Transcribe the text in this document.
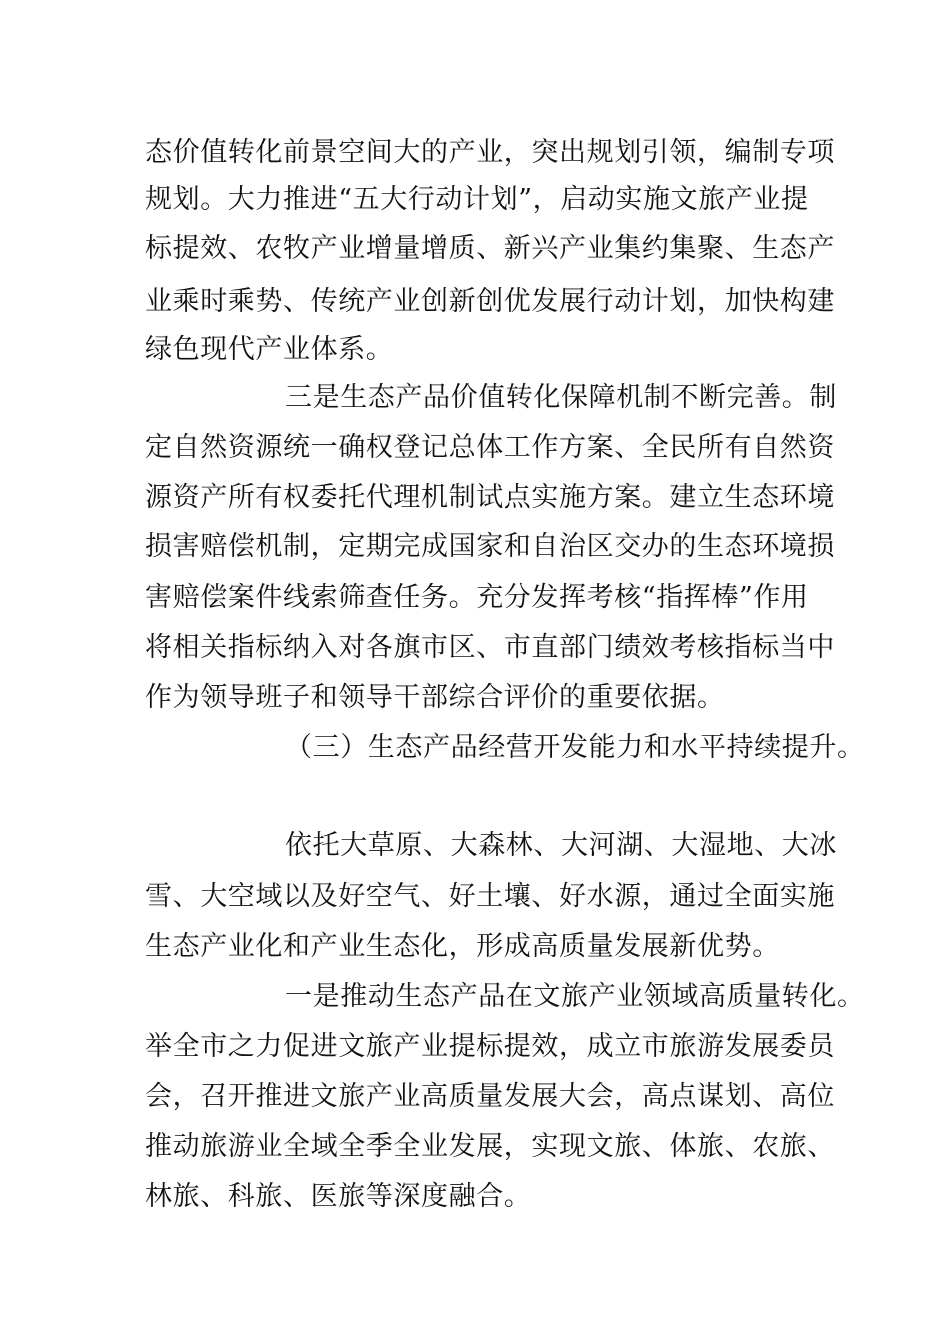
态价值转化前景空间大的产业，突出规划引领，编制专项
规划。大力推进“五大行动计划”，启动实施文旅产业提
标提效、农牧产业增量增质、新兴产业集约集聚、生态产
业乘时乘势、传统产业创新创优发展行动计划，加快构建
绿色现代产业体系。
三是生态产品价值转化保障机制不断完善。制
定自然资源统一确权登记总体工作方案、全民所有自然资
源资产所有权委托代理机制试点实施方案。建立生态环境
损害赔偿机制，定期完成国家和自治区交办的生态环境损
害赔偿案件线索筛查任务。充分发挥考核“指挥棒”作用
将相关指标纳入对各旗市区、市直部门绩效考核指标当中
作为领导班子和领导干部综合评价的重要依据。
（三）生态产品经营开发能力和水平持续提升。
依托大草原、大森林、大河湖、大湿地、大冰
雪、大空域以及好空气、好土壤、好水源，通过全面实施
生态产业化和产业生态化，形成高质量发展新优势。
一是推动生态产品在文旅产业领域高质量转化。
举全市之力促进文旅产业提标提效，成立市旅游发展委员
会，召开推进文旅产业高质量发展大会，高点谋划、高位
推动旅游业全域全季全业发展，实现文旅、体旅、农旅、
林旅、科旅、医旅等深度融合。
